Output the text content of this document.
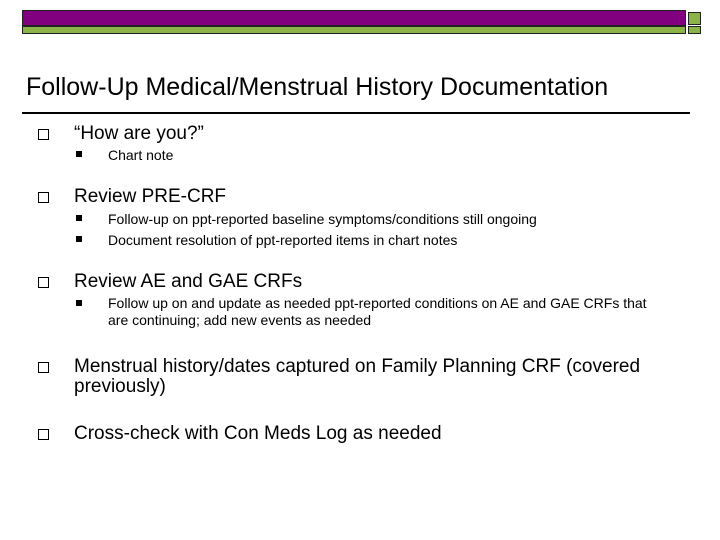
Follow-Up Medical/Menstrual History Documentation
“How are you?”
Chart note
Review PRE-CRF
Follow-up on ppt-reported baseline symptoms/conditions still ongoing
Document resolution of ppt-reported items in chart notes
Review AE and GAE CRFs
Follow up on and update as needed ppt-reported conditions on AE and GAE CRFs that are continuing; add new events as needed
Menstrual history/dates captured on Family Planning CRF (covered previously)
Cross-check with Con Meds Log as needed
